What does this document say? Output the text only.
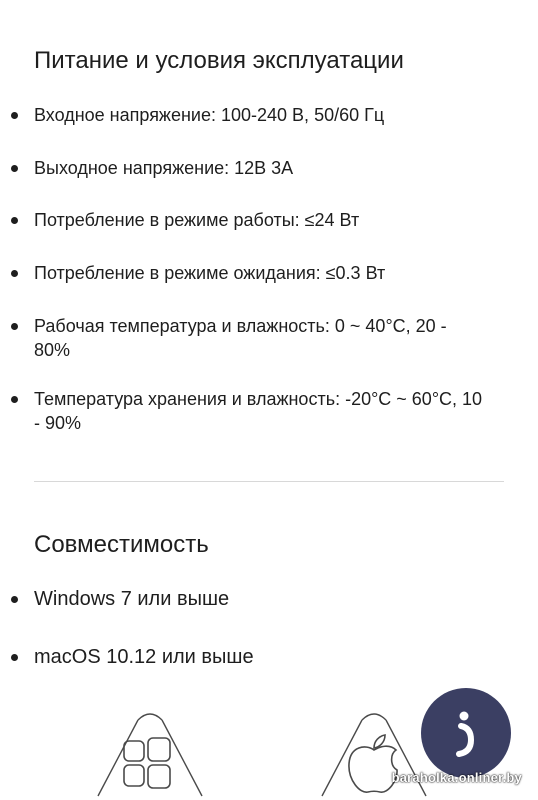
Питание и условия эксплуатации
Входное напряжение: 100-240 В, 50/60 Гц
Выходное напряжение: 12В 3А
Потребление в режиме работы: ≤24 Вт
Потребление в режиме ожидания: ≤0.3 Вт
Рабочая температура и влажность: 0 ~ 40°C, 20 - 80%
Температура хранения и влажность: -20°C ~ 60°C, 10 - 90%
Совместимость
Windows 7 или выше
macOS 10.12 или выше
baraholka.onliner.by
